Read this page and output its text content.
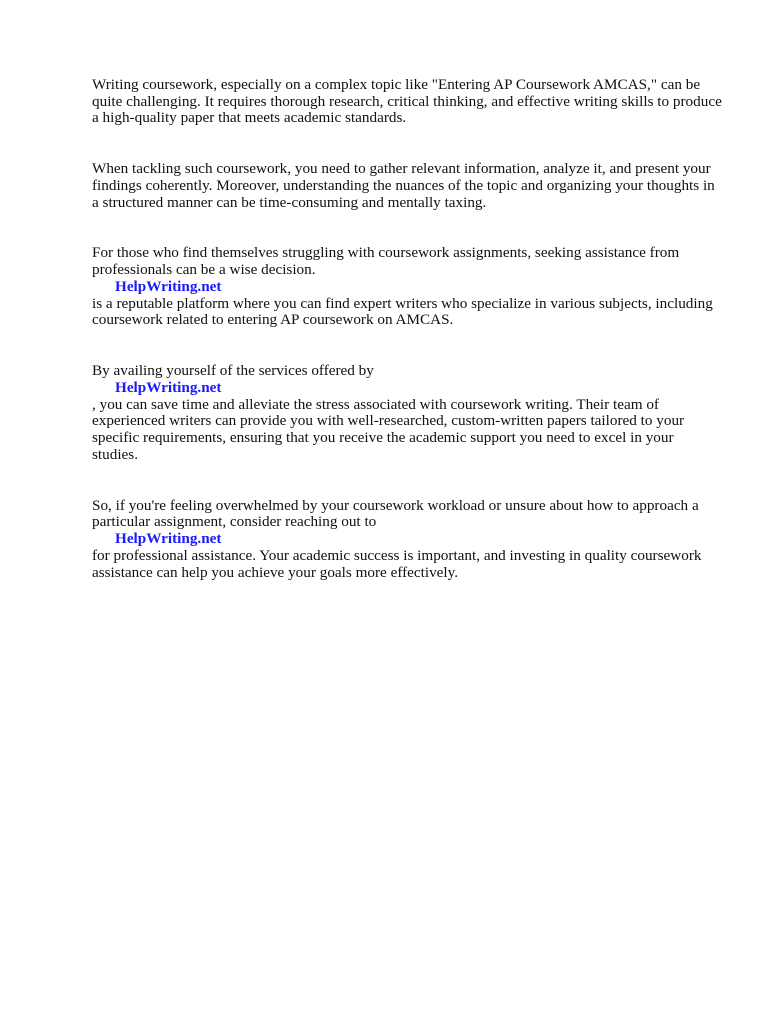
Writing coursework, especially on a complex topic like "Entering AP Coursework AMCAS," can be quite challenging. It requires thorough research, critical thinking, and effective writing skills to produce a high-quality paper that meets academic standards.

When tackling such coursework, you need to gather relevant information, analyze it, and present your findings coherently. Moreover, understanding the nuances of the topic and organizing your thoughts in a structured manner can be time-consuming and mentally taxing.

For those who find themselves struggling with coursework assignments, seeking assistance from professionals can be a wise decision.
HelpWriting.net
is a reputable platform where you can find expert writers who specialize in various subjects, including coursework related to entering AP coursework on AMCAS.

By availing yourself of the services offered by
HelpWriting.net
, you can save time and alleviate the stress associated with coursework writing. Their team of experienced writers can provide you with well-researched, custom-written papers tailored to your specific requirements, ensuring that you receive the academic support you need to excel in your studies.

So, if you're feeling overwhelmed by your coursework workload or unsure about how to approach a particular assignment, consider reaching out to
HelpWriting.net
for professional assistance. Your academic success is important, and investing in quality coursework assistance can help you achieve your goals more effectively.
